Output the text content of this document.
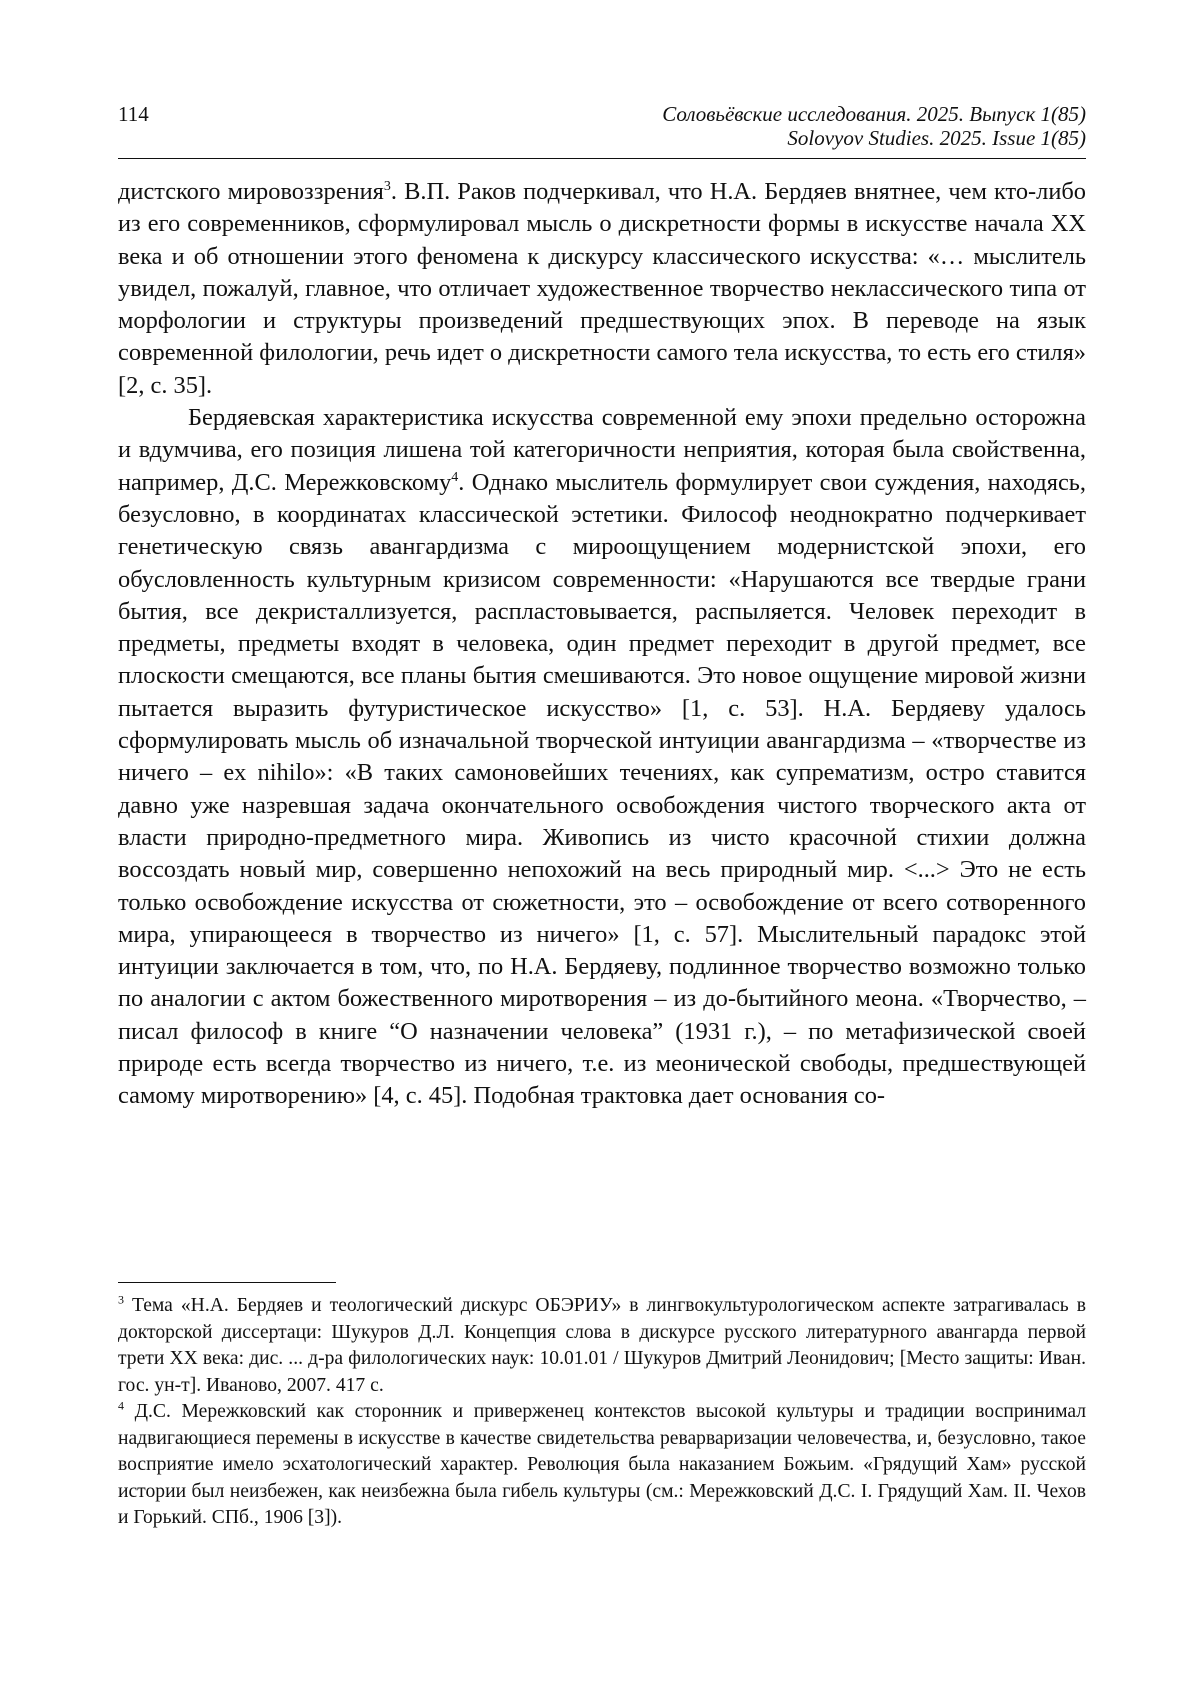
114	Соловьёвские исследования. 2025. Выпуск 1(85)
Solovyov Studies. 2025. Issue 1(85)

дистского мировоззрения$^3$. В.П. Раков подчеркивал, что Н.А. Бердяев внятнее, чем кто-либо из его современников, сформулировал мысль о дискретности формы в искусстве начала XX века и об отношении этого феномена к дискурсу классического искусства: «… мыслитель увидел, пожалуй, главное, что отличает художественное творчество неклассического типа от морфологии и структуры произведений предшествующих эпох. В переводе на язык современной филологии, речь идет о дискретности самого тела искусства, то есть его стиля» [2, с. 35].

Бердяевская характеристика искусства современной ему эпохи предельно осторожна и вдумчива, его позиция лишена той категоричности неприятия, которая была свойственна, например, Д.С. Мережковскому$^4$. Однако мыслитель формулирует свои суждения, находясь, безусловно, в координатах классической эстетики. Философ неоднократно подчеркивает генетическую связь авангардизма с мироощущением модернистской эпохи, его обусловленность культурным кризисом современности: «Нарушаются все твердые грани бытия, все декристаллизуется, распластовывается, распыляется. Человек переходит в предметы, предметы входят в человека, один предмет переходит в другой предмет, все плоскости смещаются, все планы бытия смешиваются. Это новое ощущение мировой жизни пытается выразить футуристическое искусство» [1, с. 53]. Н.А. Бердяеву удалось сформулировать мысль об изначальной творческой интуиции авангардизма – «творчестве из ничего – ex nihilo»: «В таких самоновейших течениях, как супрематизм, остро ставится давно уже назревшая задача окончательного освобождения чистого творческого акта от власти природно-предметного мира. Живопись из чисто красочной стихии должна воссоздать новый мир, совершенно непохожий на весь природный мир. <...> Это не есть только освобождение искусства от сюжетности, это – освобождение от всего сотворенного мира, упирающееся в творчество из ничего» [1, с. 57]. Мыслительный парадокс этой интуиции заключается в том, что, по Н.А. Бердяеву, подлинное творчество возможно только по аналогии с актом божественного миротворения – из до-бытийного меона. «Творчество, – писал философ в книге “О назначении человека” (1931 г.), – по метафизической своей природе есть всегда творчество из ничего, т.е. из меонической свободы, предшествующей самому миротворению» [4, с. 45]. Подобная трактовка дает основания со-

$^3$ Тема «Н.А. Бердяев и теологический дискурс ОБЭРИУ» в лингвокультурологическом аспекте затрагивалась в докторской диссертаци: Шукуров Д.Л. Концепция слова в дискурсе русского литературного авангарда первой трети XX века: дис. ... д-ра филологических наук: 10.01.01 / Шукуров Дмитрий Леонидович; [Место защиты: Иван. гос. ун-т]. Иваново, 2007. 417 с.

$^4$ Д.С. Мережковский как сторонник и приверженец контекстов высокой культуры и традиции воспринимал надвигающиеся перемены в искусстве в качестве свидетельства реварваризации человечества, и, безусловно, такое восприятие имело эсхатологический характер. Революция была наказанием Божьим. «Грядущий Хам» русской истории был неизбежен, как неизбежна была гибель культуры (см.: Мережковский Д.С. I. Грядущий Хам. II. Чехов и Горький. СПб., 1906 [3]).
